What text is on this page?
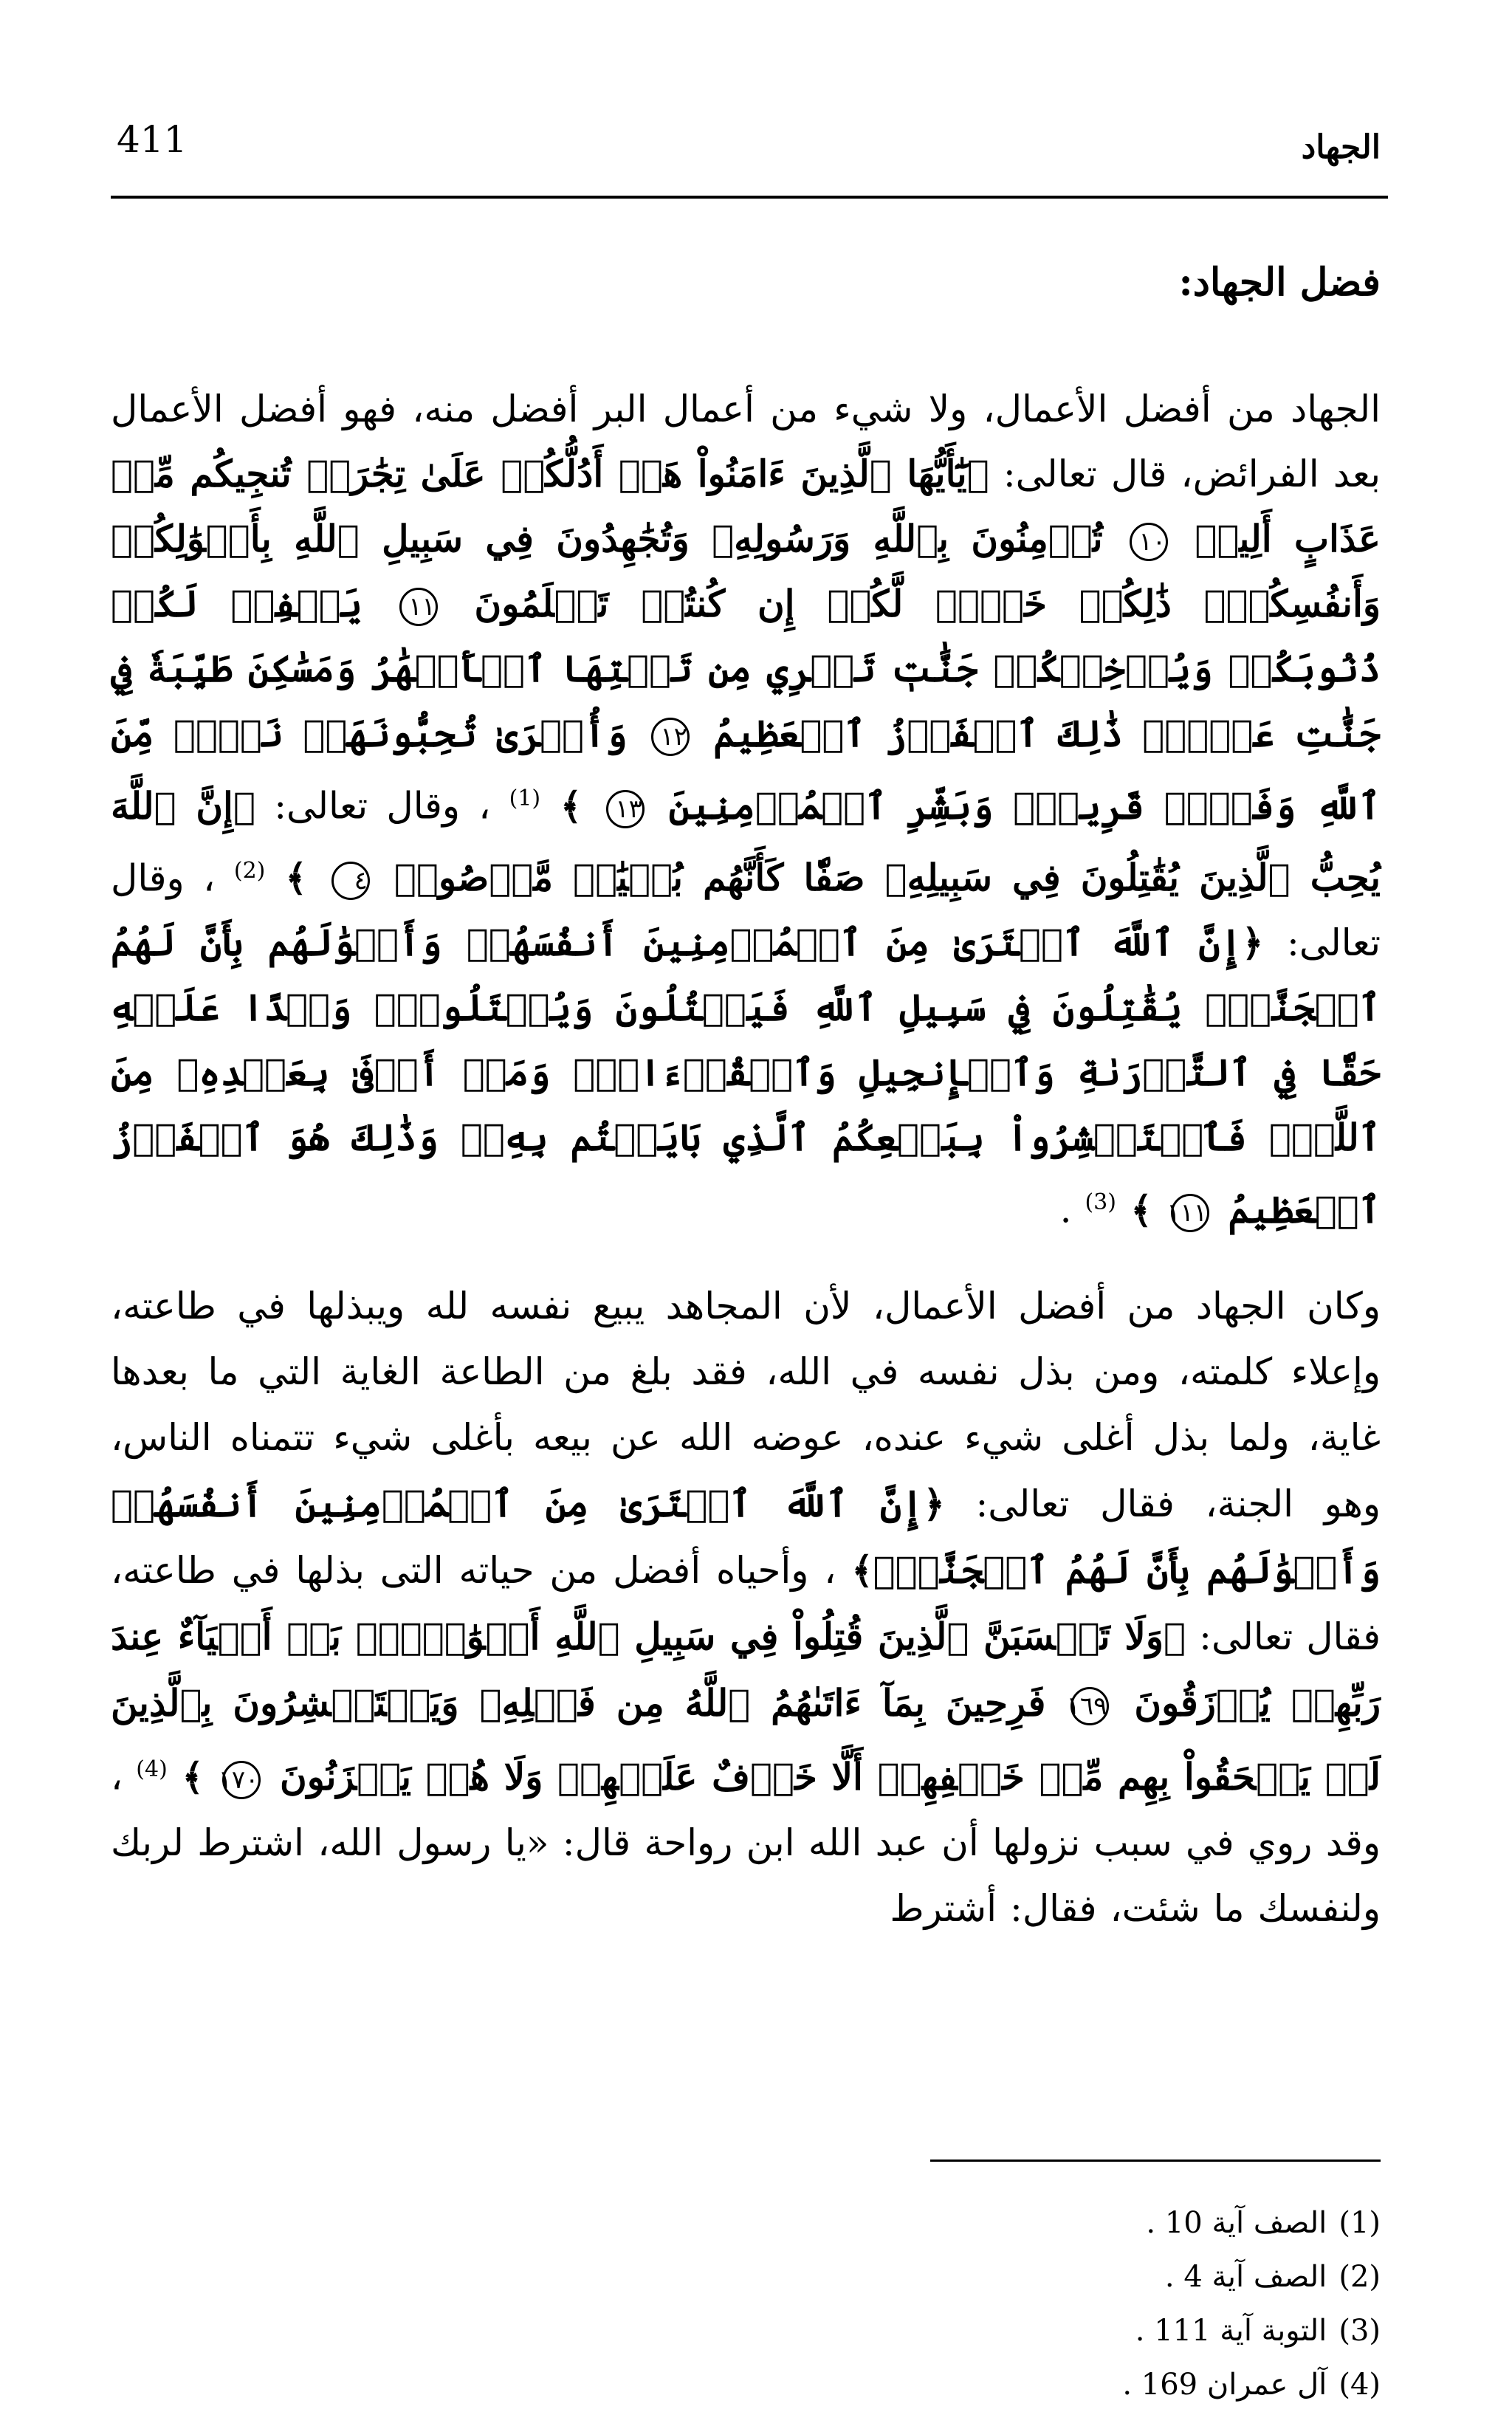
الجهاد
411
فضل الجهاد:
الجهاد من أفضل الأعمال، ولا شيء من أعمال البر أفضل منه، فهو أفضل الأعمال بعد الفرائض، قال تعالى: ﴿يَٰٓأَيُّهَا ٱلَّذِينَ ءَامَنُواْ هَلۡ أَدُلُّكُمۡ عَلَىٰ تِجَٰرَةٖ تُنجِيكُم مِّنۡ عَذَابٍ أَلِيمٖ ١٠ تُؤۡمِنُونَ بِٱللَّهِ وَرَسُولِهِۦ وَتُجَٰهِدُونَ فِي سَبِيلِ ٱللَّهِ بِأَمۡوَٰلِكُمۡ وَأَنفُسِكُمۡۚ ذَٰلِكُمۡ خَيۡرٞ لَّكُمۡ إِن كُنتُمۡ تَعۡلَمُونَ ١١ يَغۡفِرۡ لَكُمۡ ذُنُوبَكُمۡ وَيُدۡخِلۡكُمۡ جَنَّٰتٖ تَجۡرِي مِن تَحۡتِهَا ٱلۡأَنۡهَٰرُ وَمَسَٰكِنَ طَيِّبَةٗ فِي جَنَّٰتِ عَدۡنٖۚ ذَٰلِكَ ٱلۡفَوۡزُ ٱلۡعَظِيمُ ١٢ وَأُخۡرَىٰ تُحِبُّونَهَاۖ نَصۡرٞ مِّنَ ٱللَّهِ وَفَتۡحٞ قَرِيبٞۗ وَبَشِّرِ ٱلۡمُؤۡمِنِينَ ١٣ ﴾ $^{(1)}$ ، وقال تعالى: ﴿إِنَّ ٱللَّهَ يُحِبُّ ٱلَّذِينَ يُقَٰتِلُونَ فِي سَبِيلِهِۦ صَفّٗا كَأَنَّهُم بُنۡيَٰنٞ مَّرۡصُوصٞ ٤ ﴾ $^{(2)}$ ، وقال تعالى: ﴿إِنَّ ٱللَّهَ ٱشۡتَرَىٰ مِنَ ٱلۡمُؤۡمِنِينَ أَنفُسَهُمۡ وَأَمۡوَٰلَهُم بِأَنَّ لَهُمُ ٱلۡجَنَّةَۚ يُقَٰتِلُونَ فِي سَبِيلِ ٱللَّهِ فَيَقۡتُلُونَ وَيُقۡتَلُونَۖ وَعۡدًا عَلَيۡهِ حَقّٗا فِي ٱلتَّوۡرَىٰةِ وَٱلۡإِنجِيلِ وَٱلۡقُرۡءَانِۚ وَمَنۡ أَوۡفَىٰ بِعَهۡدِهِۦ مِنَ ٱللَّهِۚ فَٱسۡتَبۡشِرُواْ بِبَيۡعِكُمُ ٱلَّذِي بَايَعۡتُم بِهِۦۚ وَذَٰلِكَ هُوَ ٱلۡفَوۡزُ ٱلۡعَظِيمُ ١١١ ﴾ $^{(3)}$ .
وكان الجهاد من أفضل الأعمال، لأن المجاهد يبيع نفسه لله ويبذلها في طاعته، وإعلاء كلمته، ومن بذل نفسه في الله، فقد بلغ من الطاعة الغاية التي ما بعدها غاية، ولما بذل أغلى شيء عنده، عوضه الله عن بيعه بأغلى شيء تتمناه الناس، وهو الجنة، فقال تعالى: ﴿إِنَّ ٱللَّهَ ٱشۡتَرَىٰ مِنَ ٱلۡمُؤۡمِنِينَ أَنفُسَهُمۡ وَأَمۡوَٰلَهُم بِأَنَّ لَهُمُ ٱلۡجَنَّةَۚ﴾ ، وأحياه أفضل من حياته التى بذلها في طاعته، فقال تعالى: ﴿وَلَا تَحۡسَبَنَّ ٱلَّذِينَ قُتِلُواْ فِي سَبِيلِ ٱللَّهِ أَمۡوَٰتَۢاۚ بَلۡ أَحۡيَآءٌ عِندَ رَبِّهِمۡ يُرۡزَقُونَ ١٦٩ فَرِحِينَ بِمَآ ءَاتَىٰهُمُ ٱللَّهُ مِن فَضۡلِهِۦ وَيَسۡتَبۡشِرُونَ بِٱلَّذِينَ لَمۡ يَلۡحَقُواْ بِهِم مِّنۡ خَلۡفِهِمۡ أَلَّا خَوۡفٌ عَلَيۡهِمۡ وَلَا هُمۡ يَحۡزَنُونَ ١٧٠ ﴾ $^{(4)}$ ، وقد روي في سبب نزولها أن عبد الله ابن رواحة قال: «يا رسول الله، اشترط لربك ولنفسك ما شئت، فقال: أشترط
(1) الصف آية 10 .
(2) الصف آية 4 .
(3) التوبة آية 111 .
(4) آل عمران 169 .
